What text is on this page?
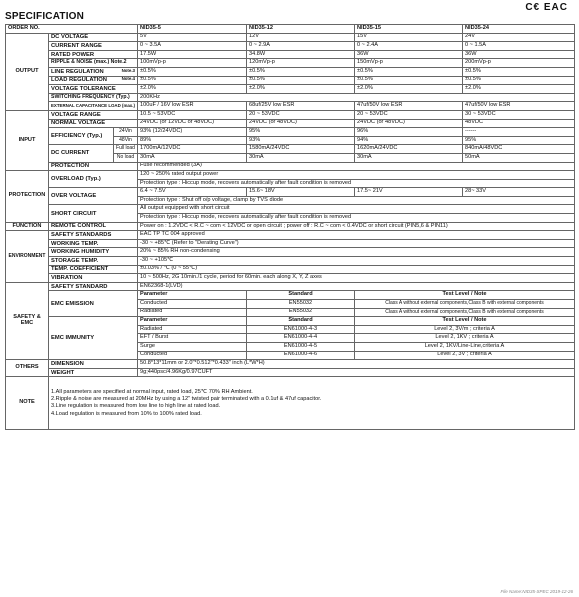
SPECIFICATION
C€ EAC
ORDER NO.			NID35-5	NID35-12	NID35-15	NID35-24
OUTPUT	DC VOLTAGE		5V	12V	15V	24V
	CURRENT RANGE		0 ~ 3.5A	0 ~ 2.9A	0 ~ 2.4A	0 ~ 1.5A
	RATED POWER		17.5W	34.8W	36W	36W
	RIPPLE & NOISE (max.) Note.2		100mVp-p	120mVp-p	150mVp-p	200mVp-p
	LINE REGULATION Note.3		±0.5%	±0.5%	±0.5%	±0.5%
	LOAD REGULATION Note.4		±0.5%	±0.5%	±0.5%	±0.5%
	VOLTAGE TOLERANCE		±2.0%	±2.0%	±2.0%	±2.0%
	SWITCHING FREQUENCY (Typ.)		200KHz			
	EXTERNAL CAPACITANCE LOAD (max.)		100uF / 16V low ESR	68uf/25V low ESR	47uf/50V low ESR	47uf/50V low ESR
INPUT	VOLTAGE RANGE		10.5 ~ 53VDC	20 ~ 53VDC	20 ~ 53VDC	30 ~ 53VDC
	NORMAL VOLTAGE		24VDC (or 12VDC or 48VDC)	24VDC (or 48VDC)	24VDC (or 48VDC)	48VDC
	EFFICIENCY (Typ.)	24Vin	93% (12/24VDC)	95%	96%	------
		48Vin	89%	93%	94%	95%
	DC CURRENT	Full load	1700mA/12VDC	1580mA/24VDC	1620mA/24VDC	840mA/48VDC
		No load	30mA	30mA	30mA	50mA
	PROTECTION		Fuse recommended (3A)			
PROTECTION	OVERLOAD (Typ.)		120 ~ 250% rated output power			
			Protection type : Hiccup mode, recovers automatically after fault condition is removed			
	OVER VOLTAGE		6.4 ~ 7.5V	15.6~ 18V	17.5~ 21V	28~ 33V
			Protection type : Shut off o/p voltage, clamp by TVS diode			
	SHORT CIRCUIT		All output equipped with short circuit			
			Protection type : Hiccup mode, recovers automatically after fault condition is removed			
FUNCTION	REMOTE CONTROL		Power on : 1.2VDC < R.C ~ com < 12VDC or open circuit ; power off : R.C ~ com < 0.4VDC or short circuit (PIN5,6 & PIN11)			
ENVIRONMENT	SAFETY STANDARDS		EAC TP TC 004 approved			
	WORKING TEMP.		-30 ~ +85℃ (Refer to "Derating Curve")			
	WORKING HUMIDITY		20% ~ 85% RH non-condensing			
	STORAGE TEMP.		-30 ~ +105℃			
	TEMP. COEFFICIENT		±0.03% / ℃ (0 ~ 55℃)			
	VIBRATION		10 ~ 500Hz, 2G 10min./1 cycle, period for 60min. each along X, Y, Z axes			
SAFETY &
EMC	SAFETY STANDARD		EN62368-1(LVD)			
	EMC EMISSION		Parameter	Standard	Test Level / Note	
			Conducted	EN55032	Class A without external components,Class B with external components	
			Radiated	EN55032	Class A without external components,Class B with external components	
	EMC IMMUNITY		Parameter	Standard	Test Level / Note	
			Radiated	EN61000-4-3	Level 2, 3V/m ; criteria A	
			EFT / Burst	EN61000-4-4	Level 2, 1KV ; criteria A	
			Surge	EN61000-4-5	Level 2, 1KV/Line-Line,criteria A	
			Conducted	EN61000-4-6	Level 2, 3V ; criteria A	
OTHERS	DIMENSION		50.8*13*11mm or 2.0"*0.512"*0.433" inch (L*W*H)			
	WEIGHT		9g;440psc/4.96Kg/0.97CUFT			
NOTE	1.All parameters are specified at normal input, rated load, 25℃ 70% RH Ambient.
2.Ripple & noise are measured at 20MHz by using a 12" twisted pair terminated with a 0.1uf & 47uf capacitor.
3.Line regulation is measured from low line to high line at rated load.
4.Load regulation is measured from 10% to 100% rated load.					
File Name:NID35-SPEC 2019-12-26
